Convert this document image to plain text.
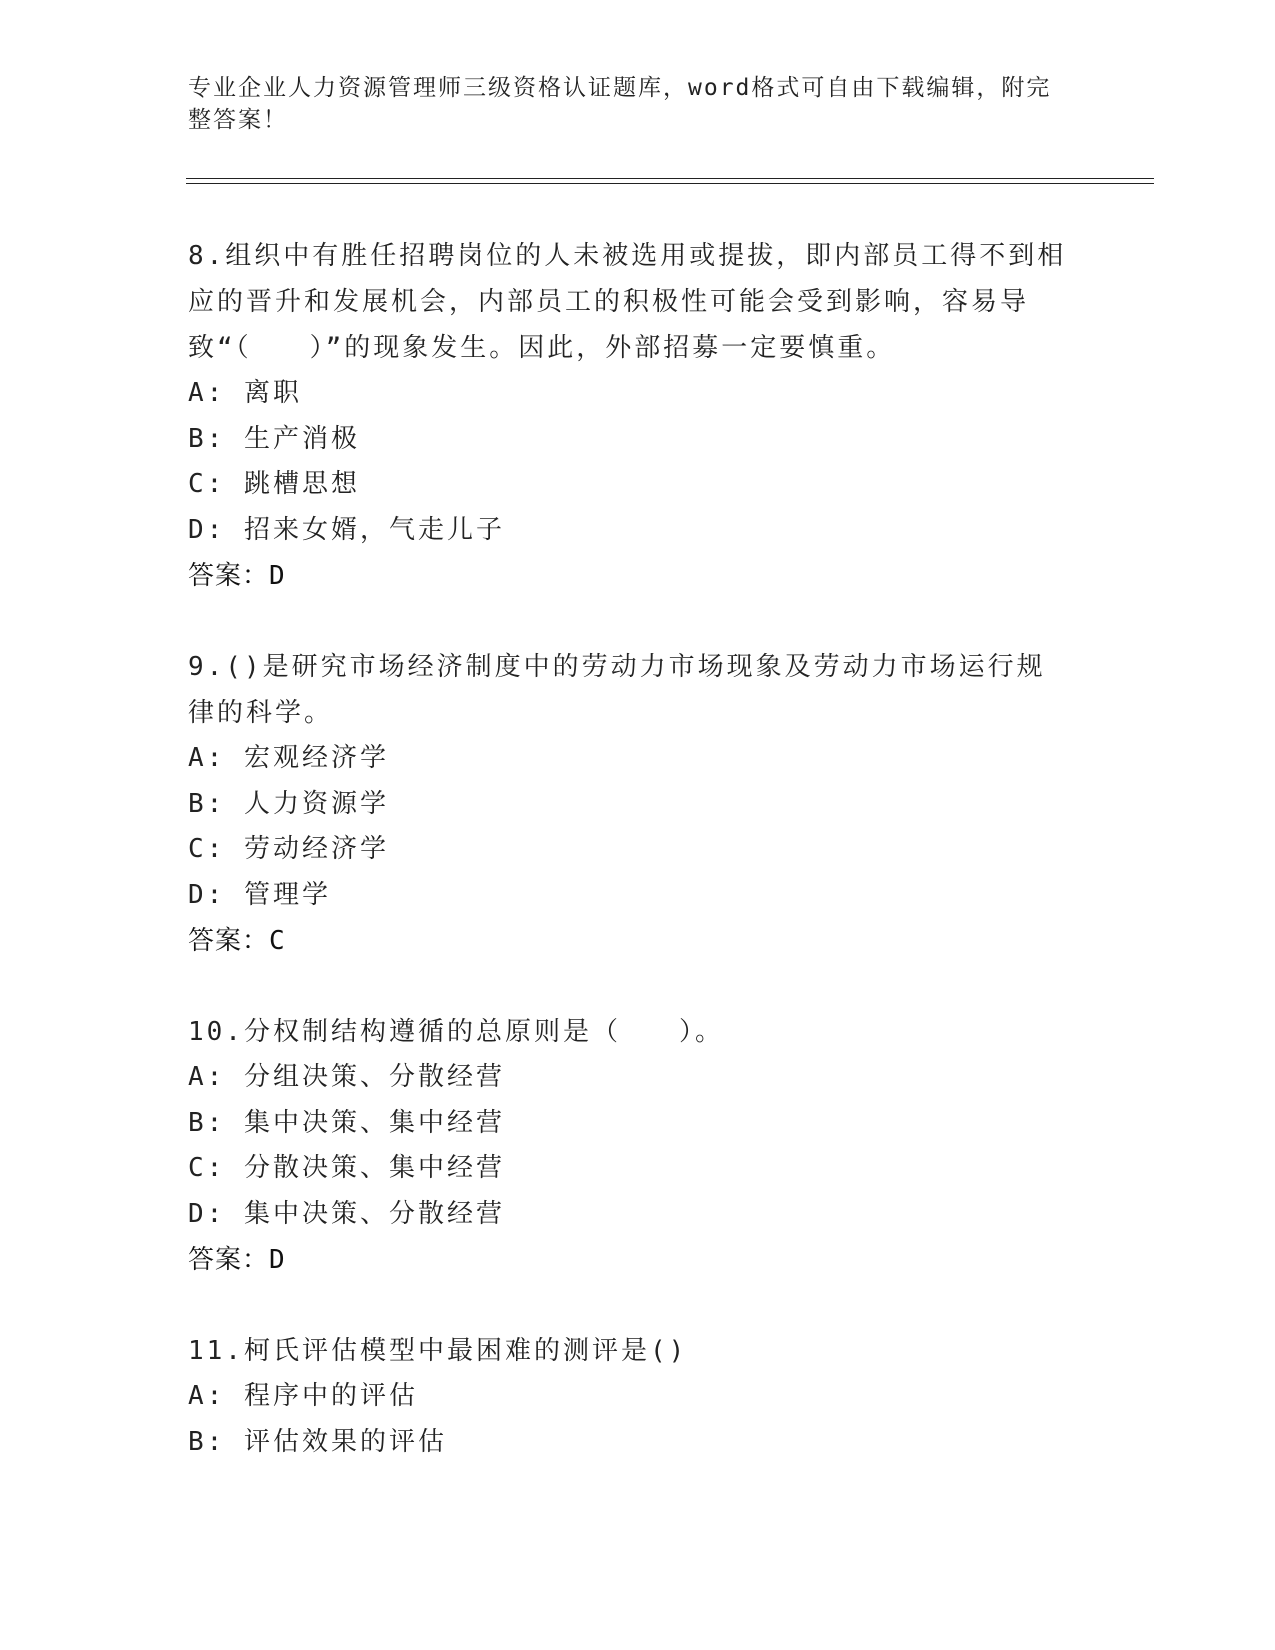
专业企业人力资源管理师三级资格认证题库，word格式可自由下载编辑，附完整答案！

8.组织中有胜任招聘岗位的人未被选用或提拔，即内部员工得不到相应的晋升和发展机会，内部员工的积极性可能会受到影响，容易导致“（　　）”的现象发生。因此，外部招募一定要慎重。

A: 离职

B: 生产消极

C: 跳槽思想

D: 招来女婿，气走儿子

答案：D

9.()是研究市场经济制度中的劳动力市场现象及劳动力市场运行规律的科学。

A: 宏观经济学

B: 人力资源学

C: 劳动经济学

D: 管理学

答案：C

10.分权制结构遵循的总原则是（　　）。

A: 分组决策、分散经营

B: 集中决策、集中经营

C: 分散决策、集中经营

D: 集中决策、分散经营

答案：D

11.柯氏评估模型中最困难的测评是()

A: 程序中的评估

B: 评估效果的评估
